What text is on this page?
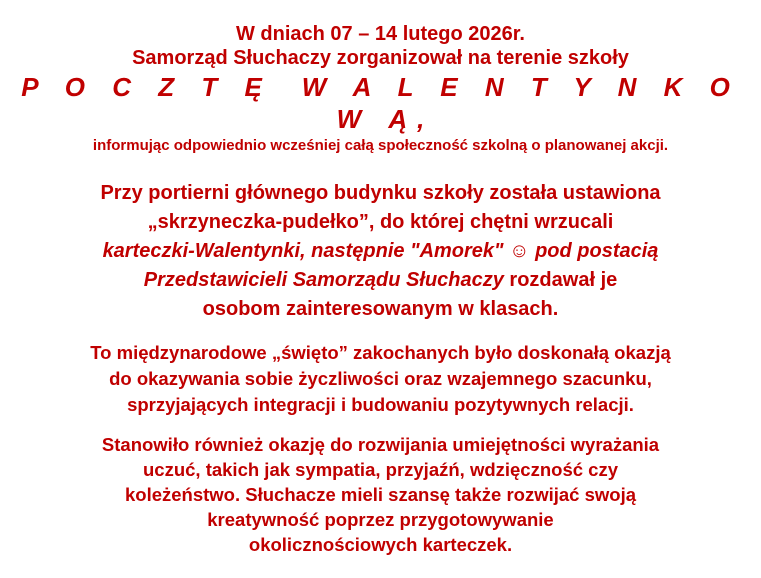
W dniach 07 – 14 lutego 2026r.

Samorząd Słuchaczy zorganizował na terenie szkoły

P O C Z T Ę W A L E N T Y N K O W Ą,

informując odpowiednio wcześniej całą społeczność szkolną o planowanej akcji.

Przy portierni głównego budynku szkoły została ustawiona

„skrzyneczka-pudełko”, do której chętni wrzucali

karteczki-Walentynki, następnie "Amorek" ☺ pod postacią

Przedstawicieli Samorządu Słuchaczy rozdawał je

osobom zainteresowanym w klasach.

To międzynarodowe „święto” zakochanych było doskonałą okazją

do okazywania sobie życzliwości oraz wzajemnego szacunku,

sprzyjających integracji i budowaniu pozytywnych relacji.

Stanowiło również okazję do rozwijania umiejętności wyrażania

uczuć, takich jak sympatia, przyjaźń, wdzięczność czy

koleżeństwo. Słuchacze mieli szansę także rozwijać swoją

kreatywność poprzez przygotowywanie

okolicznościowych karteczek.
